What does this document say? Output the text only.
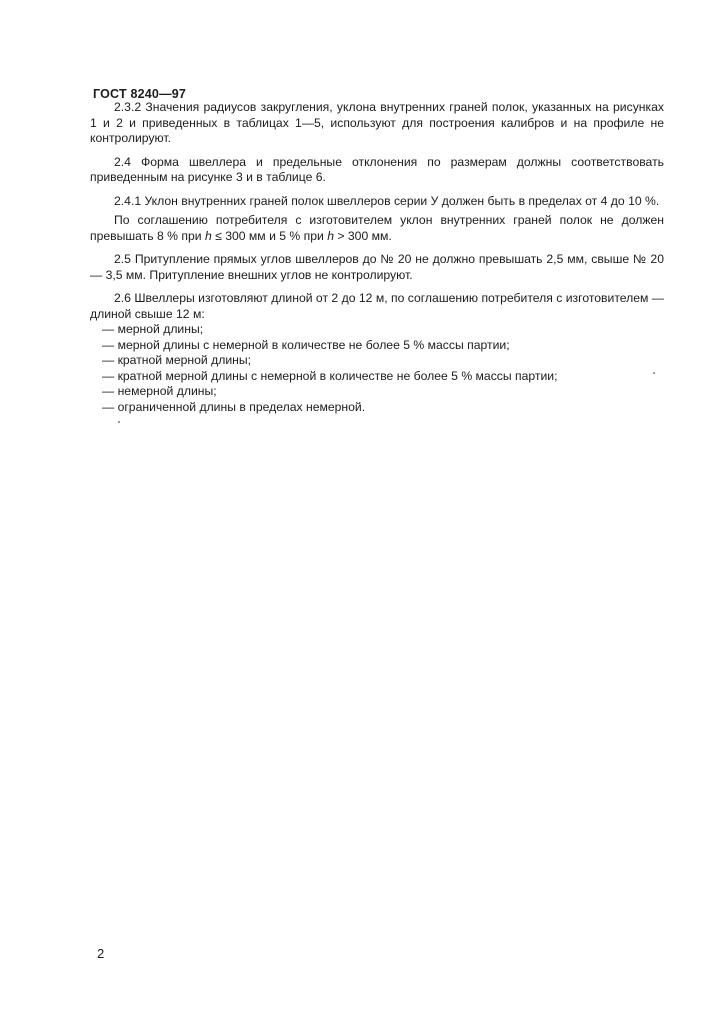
ГОСТ 8240—97

2.3.2 Значения радиусов закругления, уклона внутренних граней полок, указанных на рисунках 1 и 2 и приведенных в таблицах 1—5, используют для построения калибров и на профиле не контролируют.

2.4 Форма швеллера и предельные отклонения по размерам должны соответствовать приведенным на рисунке 3 и в таблице 6.

2.4.1 Уклон внутренних граней полок швеллеров серии У должен быть в пределах от 4 до 10 %.

По соглашению потребителя с изготовителем уклон внутренних граней полок не должен превышать 8 % при h ≤ 300 мм и 5 % при h > 300 мм.

2.5 Притупление прямых углов швеллеров до № 20 не должно превышать 2,5 мм, свыше № 20 — 3,5 мм. Притупление внешних углов не контролируют.

2.6 Швеллеры изготовляют длиной от 2 до 12 м, по соглашению потребителя с изготовителем — длиной свыше 12 м:

— мерной длины;
— мерной длины с немерной в количестве не более 5 % массы партии;
— кратной мерной длины;
— кратной мерной длины с немерной в количестве не более 5 % массы партии;
— немерной длины;
— ограниченной длины в пределах немерной.
2
